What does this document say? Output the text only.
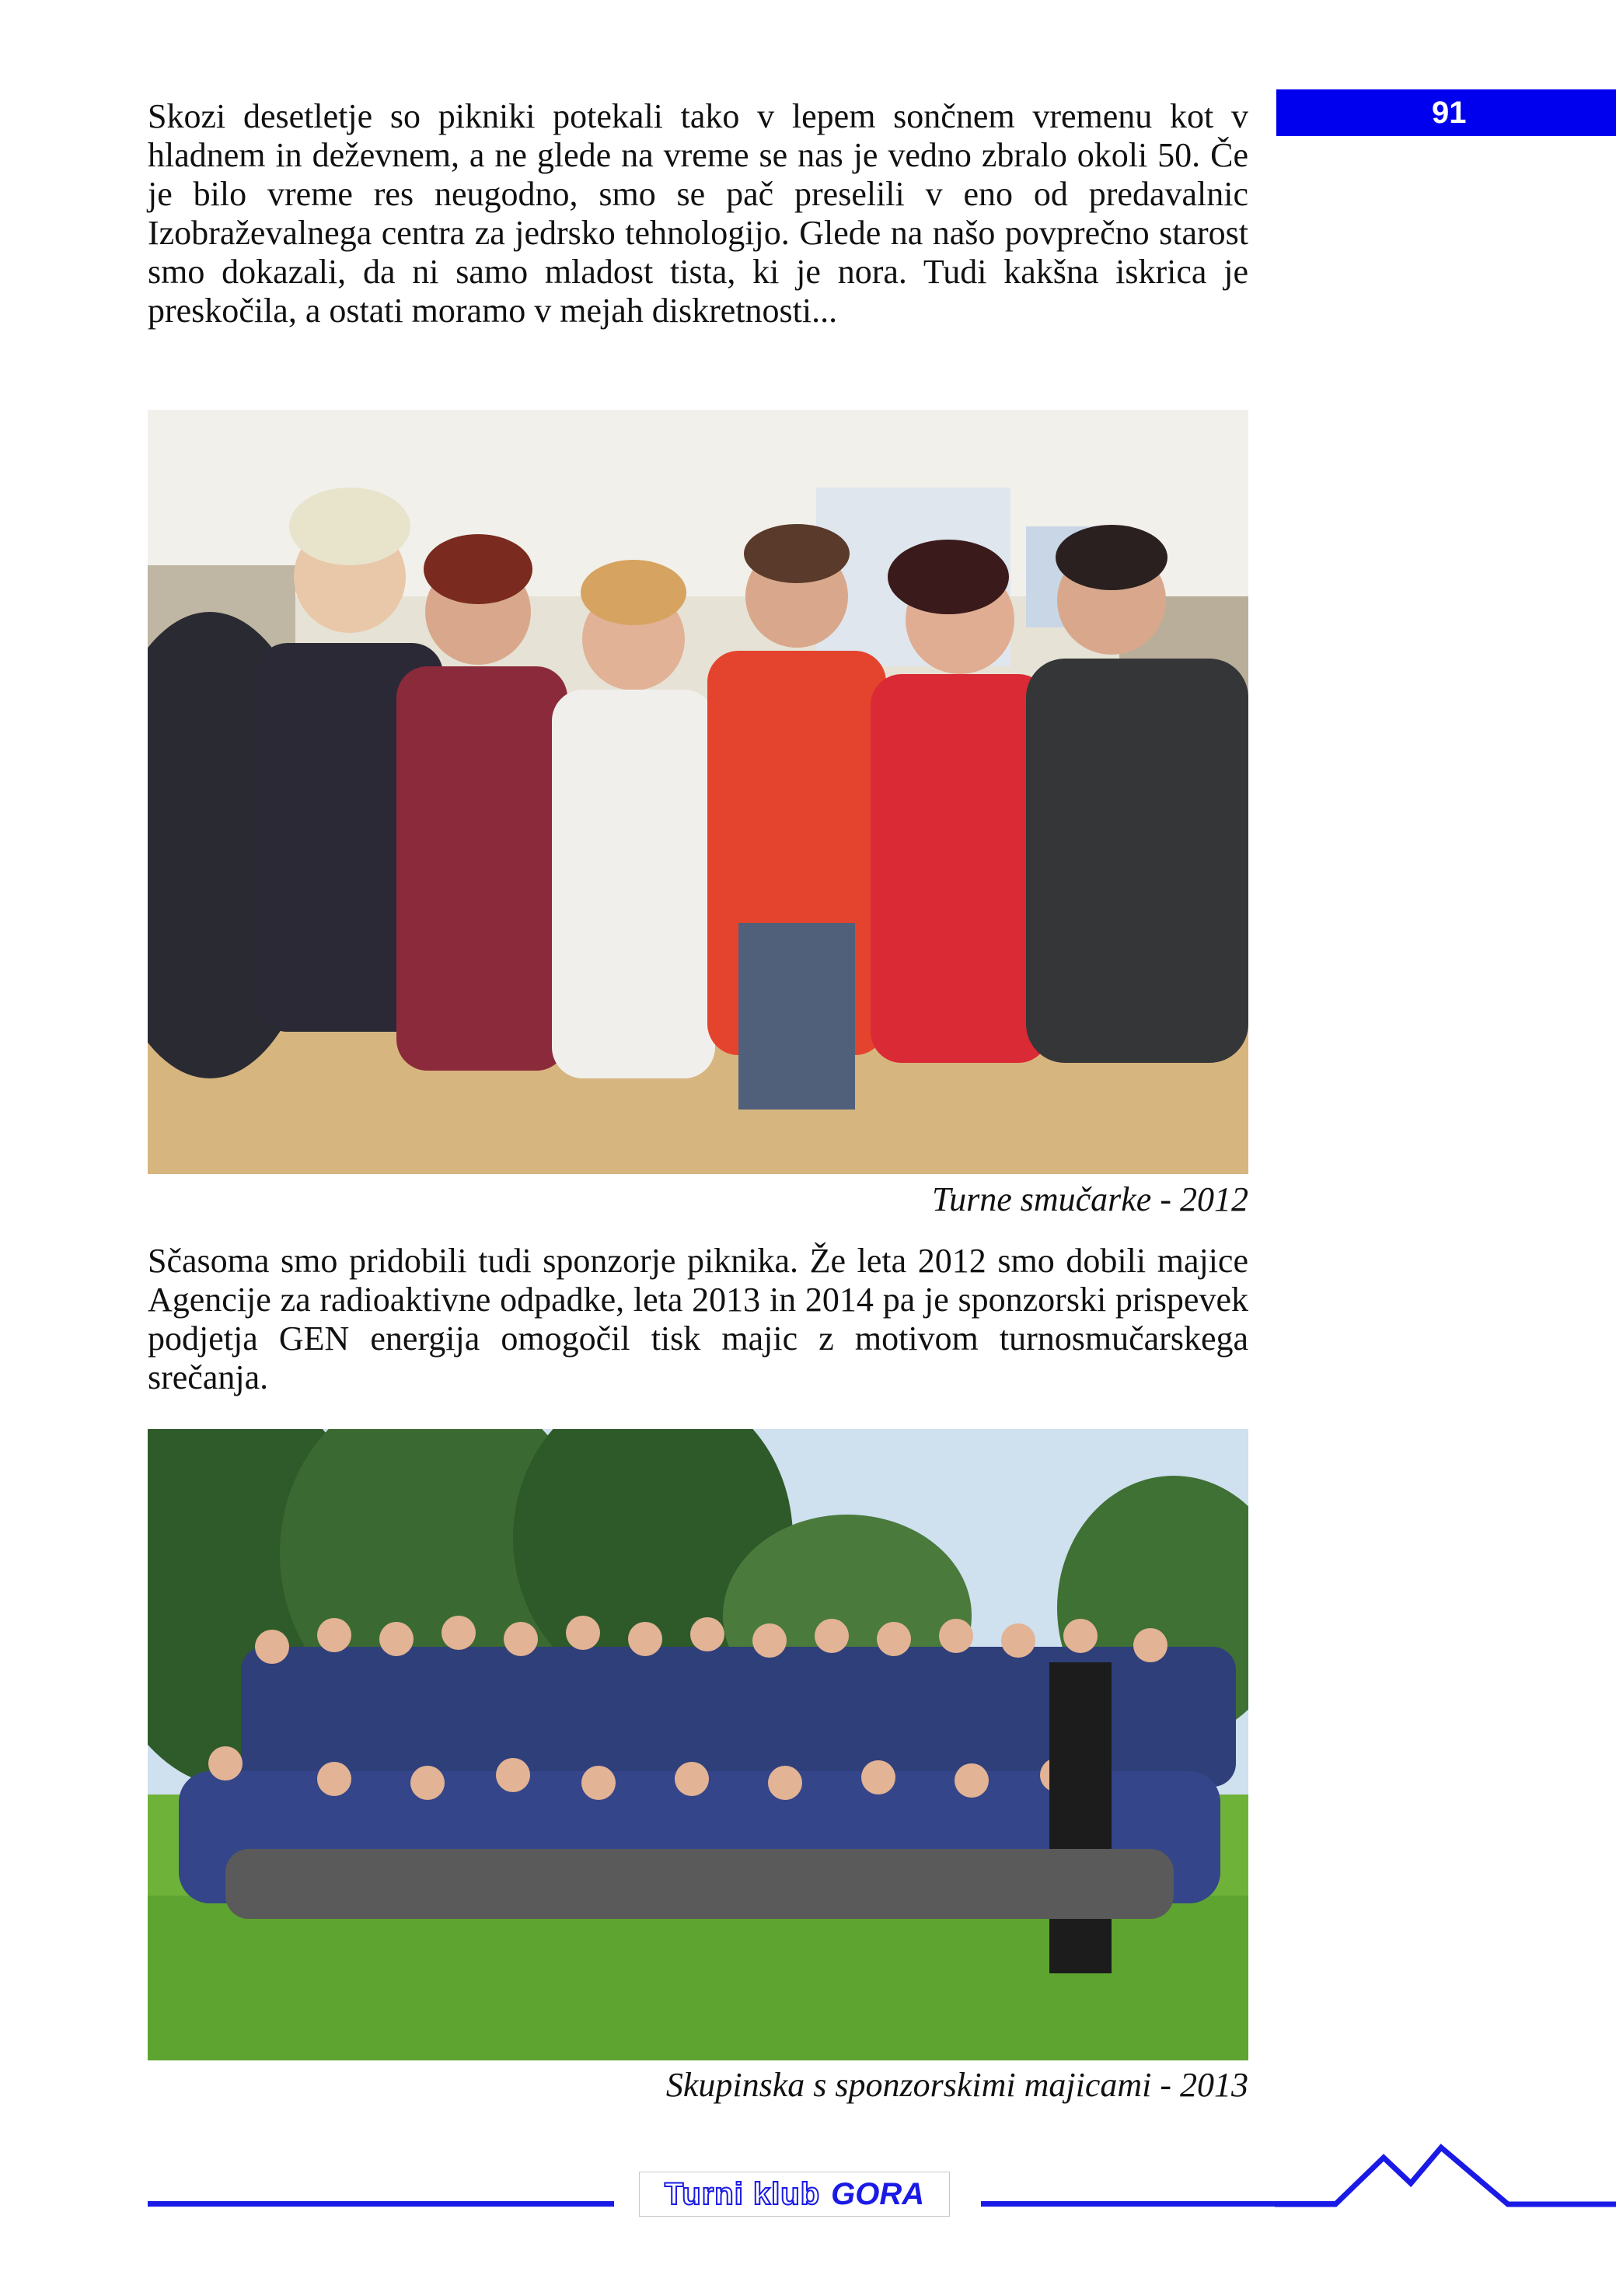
91

Skozi desetletje so pikniki potekali tako v lepem sončnem vremenu kot v hladnem in deževnem, a ne glede na vreme se nas je vedno zbralo okoli 50. Če je bilo vreme res neugodno, smo se pač preselili v eno od predavalnic Izobraževalnega centra za jedrsko tehnologijo. Glede na našo povprečno starost smo dokazali, da ni samo mladost tista, ki je nora. Tudi kakšna iskrica je preskočila, a ostati moramo v mejah diskretnosti...

Turne smučarke - 2012

Sčasoma smo pridobili tudi sponzorje piknika. Že leta 2012 smo dobili majice Agencije za radioaktivne odpadke, leta 2013 in 2014 pa je sponzorski prispevek podjetja GEN energija omogočil tisk majic z motivom turnosmučarskega srečanja.

Skupinska s sponzorskimi majicami - 2013

Turni klub GORA
